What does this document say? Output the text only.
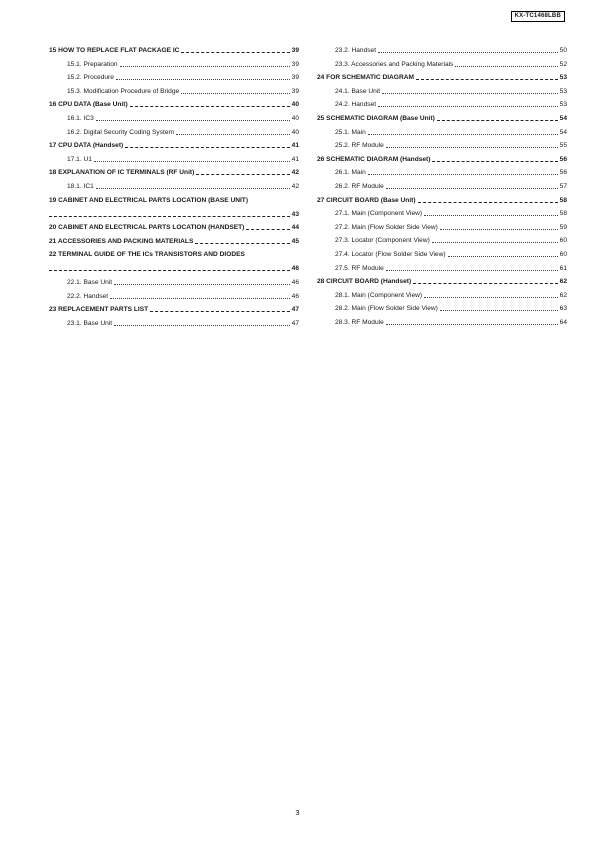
KX-TC1468LBB
15 HOW TO REPLACE FLAT PACKAGE IC	39
15.1. Preparation	39
15.2. Procedure	39
15.3. Modification Procedure of Bridge	39
16 CPU DATA (Base Unit)	40
16.1. IC3	40
16.2. Digital Security Coding System	40
17 CPU DATA (Handset)	41
17.1. U1	41
18 EXPLANATION OF IC TERMINALS (RF Unit)	42
18.1. IC1	42
19 CABINET AND ELECTRICAL PARTS LOCATION (BASE UNIT)
43
20 CABINET AND ELECTRICAL PARTS LOCATION (HANDSET)	44
21 ACCESSORIES AND PACKING MATERIALS	45
22 TERMINAL GUIDE OF THE ICs TRANSISTORS AND DIODES
46
22.1. Base Unit	46
22.2. Handset	46
23 REPLACEMENT PARTS LIST	47
23.1. Base Unit	47
23.2. Handset	50
23.3. Accessories and Packing Materials	52
24 FOR SCHEMATIC DIAGRAM	53
24.1. Base Unit	53
24.2. Handset	53
25 SCHEMATIC DIAGRAM (Base Unit)	54
25.1. Main	54
25.2. RF Module	55
26 SCHEMATIC DIAGRAM (Handset)	56
26.1. Main	56
26.2. RF Module	57
27 CIRCUIT BOARD (Base Unit)	58
27.1. Main (Component View)	58
27.2. Main (Flow Solder Side View)	59
27.3. Locator (Component View)	60
27.4. Locator (Flow Solder Side View)	60
27.5. RF Module	61
28 CIRCUIT BOARD (Handset)	62
28.1. Main (Component View)	62
28.2. Main (Flow Solder Side View)	63
28.3. RF Module	64
3
